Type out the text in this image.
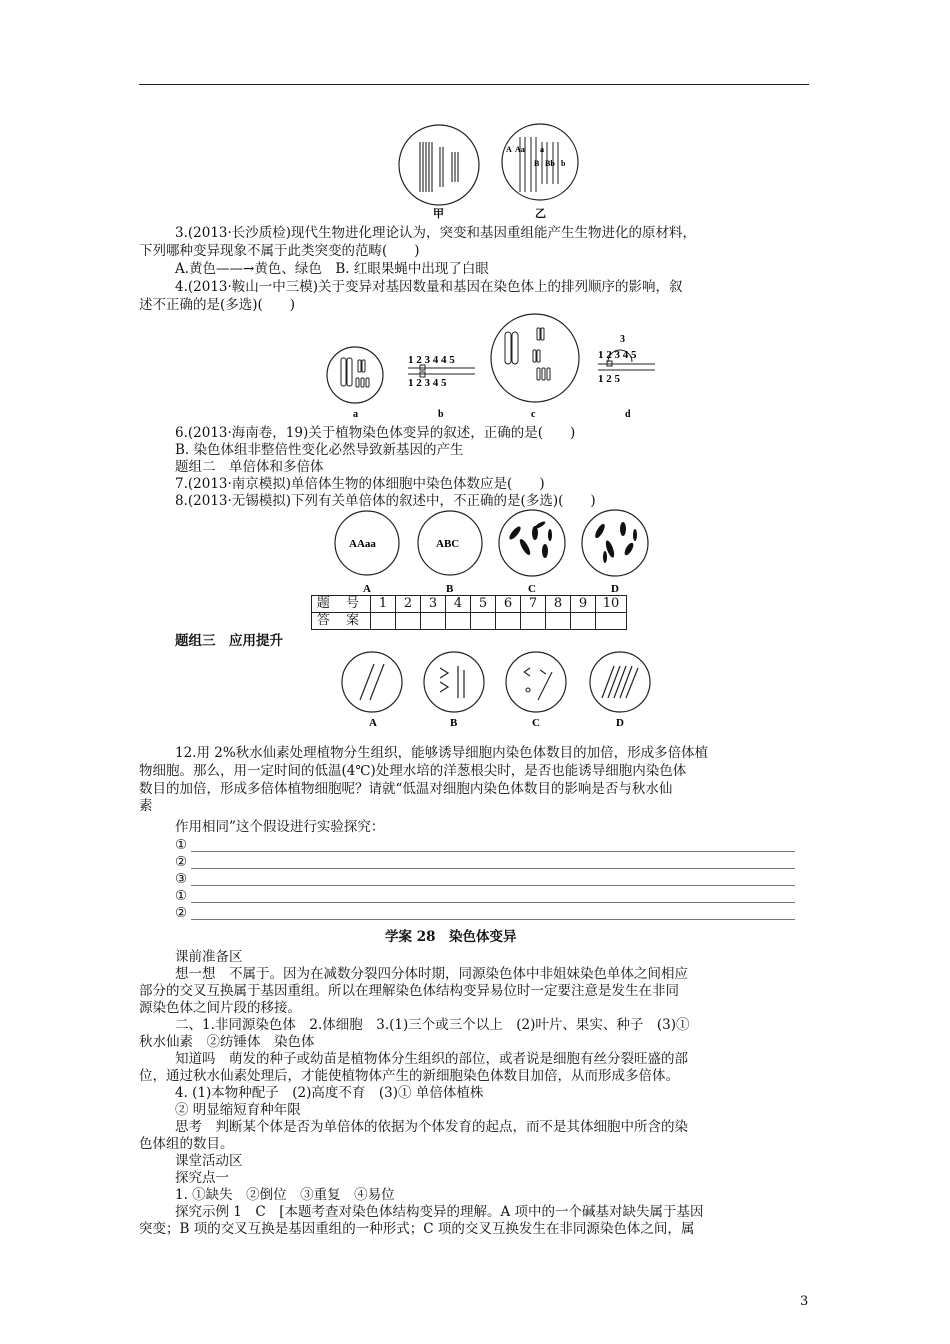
A Aa a
B Bb b
甲	乙
3.(2013·长沙质检)现代生物进化理论认为，突变和基因重组能产生生物进化的原材料，
下列哪种变异现象不属于此类突变的范畴(　　)
A.黄色——→黄色、绿色　B. 红眼果蝇中出现了白眼
4.(2013·鞍山一中三模)关于变异对基因数量和基因在染色体上的排列顺序的影响，叙
述不正确的是(多选)(　　)
1 2 3 4 4 5
1 2 3 4 5
3
1 2 3 4 5
1 2 5
a	b	c	d
6.(2013·海南卷，19)关于植物染色体变异的叙述，正确的是(　　)
B. 染色体组非整倍性变化必然导致新基因的产生
题组二　单倍体和多倍体
7.(2013·南京模拟)单倍体生物的体细胞中染色体数应是(　　)
8.(2013·无锡模拟)下列有关单倍体的叙述中，不正确的是(多选)(　　)
AAaa	ABC
A	B	C	D
题 号	1	2	3	4	5	6	7	8	9	10
答 案										
题组三　应用提升
A	B	C	D
12.用 2%秋水仙素处理植物分生组织，能够诱导细胞内染色体数目的加倍，形成多倍体植
物细胞。那么，用一定时间的低温(4℃)处理水培的洋葱根尖时，是否也能诱导细胞内染色体
数目的加倍，形成多倍体植物细胞呢？请就“低温对细胞内染色体数目的影响是否与秋水仙
素
作用相同”这个假设进行实验探究：
①
②
③
①
②
学案 28　染色体变异
课前准备区
想一想　不属于。因为在减数分裂四分体时期，同源染色体中非姐妹染色单体之间相应
部分的交叉互换属于基因重组。所以在理解染色体结构变异易位时一定要注意是发生在非同
源染色体之间片段的移接。
二、1.非同源染色体　2.体细胞　3.(1)三个或三个以上　(2)叶片、果实、种子　(3)①
秋水仙素　②纺锤体　染色体
知道吗　萌发的种子或幼苗是植物体分生组织的部位，或者说是细胞有丝分裂旺盛的部
位，通过秋水仙素处理后，才能使植物体产生的新细胞染色体数目加倍，从而形成多倍体。
4. (1)本物种配子　(2)高度不育　(3)① 单倍体植株
② 明显缩短育种年限
思考　判断某个体是否为单倍体的依据为个体发育的起点，而不是其体细胞中所含的染
色体组的数目。
课堂活动区
探究点一
1. ①缺失　②倒位　③重复　④易位
探究示例 1　C　[本题考查对染色体结构变异的理解。A 项中的一个碱基对缺失属于基因
突变；B 项的交叉互换是基因重组的一种形式；C 项的交叉互换发生在非同源染色体之间，属
3
